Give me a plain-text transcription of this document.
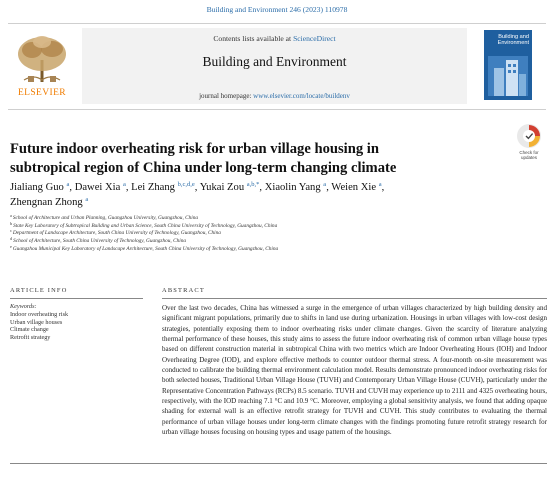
Building and Environment 246 (2023) 110978
ELSEVIER
Contents lists available at ScienceDirect
Building and Environment
journal homepage: www.elsevier.com/locate/buildenv
Building and
Environment
Future indoor overheating risk for urban village housing in subtropical region of China under long-term changing climate
Check for
updates
Jialiang Guo $^a$, Dawei Xia $^a$, Lei Zhang $^{b,c,d,e}$, Yukai Zou $^{a,b,*}$, Xiaolin Yang $^a$, Weien Xie $^a$,
Zhengnan Zhong $^a$
$^a$School of Architecture and Urban Planning, Guangzhou University, Guangzhou, China
$^b$State Key Laboratory of Subtropical Building and Urban Science, South China University of Technology, Guangzhou, China
$^c$Department of Landscape Architecture, South China University of Technology, Guangzhou, China
$^d$School of Architecture, South China University of Technology, Guangzhou, China
$^e$Guangzhou Municipal Key Laboratory of Landscape Architecture, South China University of Technology, Guangzhou, China
ARTICLE INFO
Keywords:
Indoor overheating risk
Urban village houses
Climate change
Retrofit strategy
ABSTRACT

Over the last two decades, China has witnessed a surge in the emergence of urban villages characterized by high building density and significant migrant populations, primarily due to shifts in land use during urbanization. Housings in urban villages with low-cost design strategies, potentially exposing them to indoor overheating risks under climate changes. Given the scarcity of literature analyzing thermal performance of these houses, this study aims to assess the future indoor overheating risk of common urban village house types based on different construction material in subtropical China with two metrics which are Indoor Overheating Hours (IOH) and Indoor Overheating Degree (IOD), and explore effective methods to counter outdoor thermal stress. A four-month on-site measurement was conducted to calibrate the building thermal environment calculation model. Results demonstrate pronounced indoor overheating risks for both selected houses, Traditional Urban Village House (TUVH) and Contemporary Urban Village House (CUVH), particularly under the Representative Concentration Pathways (RCPs) 8.5 scenario. TUVH and CUVH may experience up to 2111 and 4325 overheating hours, respectively, with the IOD reaching 7.1 °C and 10.9 °C. Moreover, employing a global sensitivity analysis, we found that adding opaque shading for external wall is an effective retrofit strategy for TUVH and CUVH. This study contributes to evaluating the thermal performance of urban village houses under long-term climate changes with the findings promoting future retrofit strategy research for urban village houses focusing on housing types and usage pattern of the housings.
